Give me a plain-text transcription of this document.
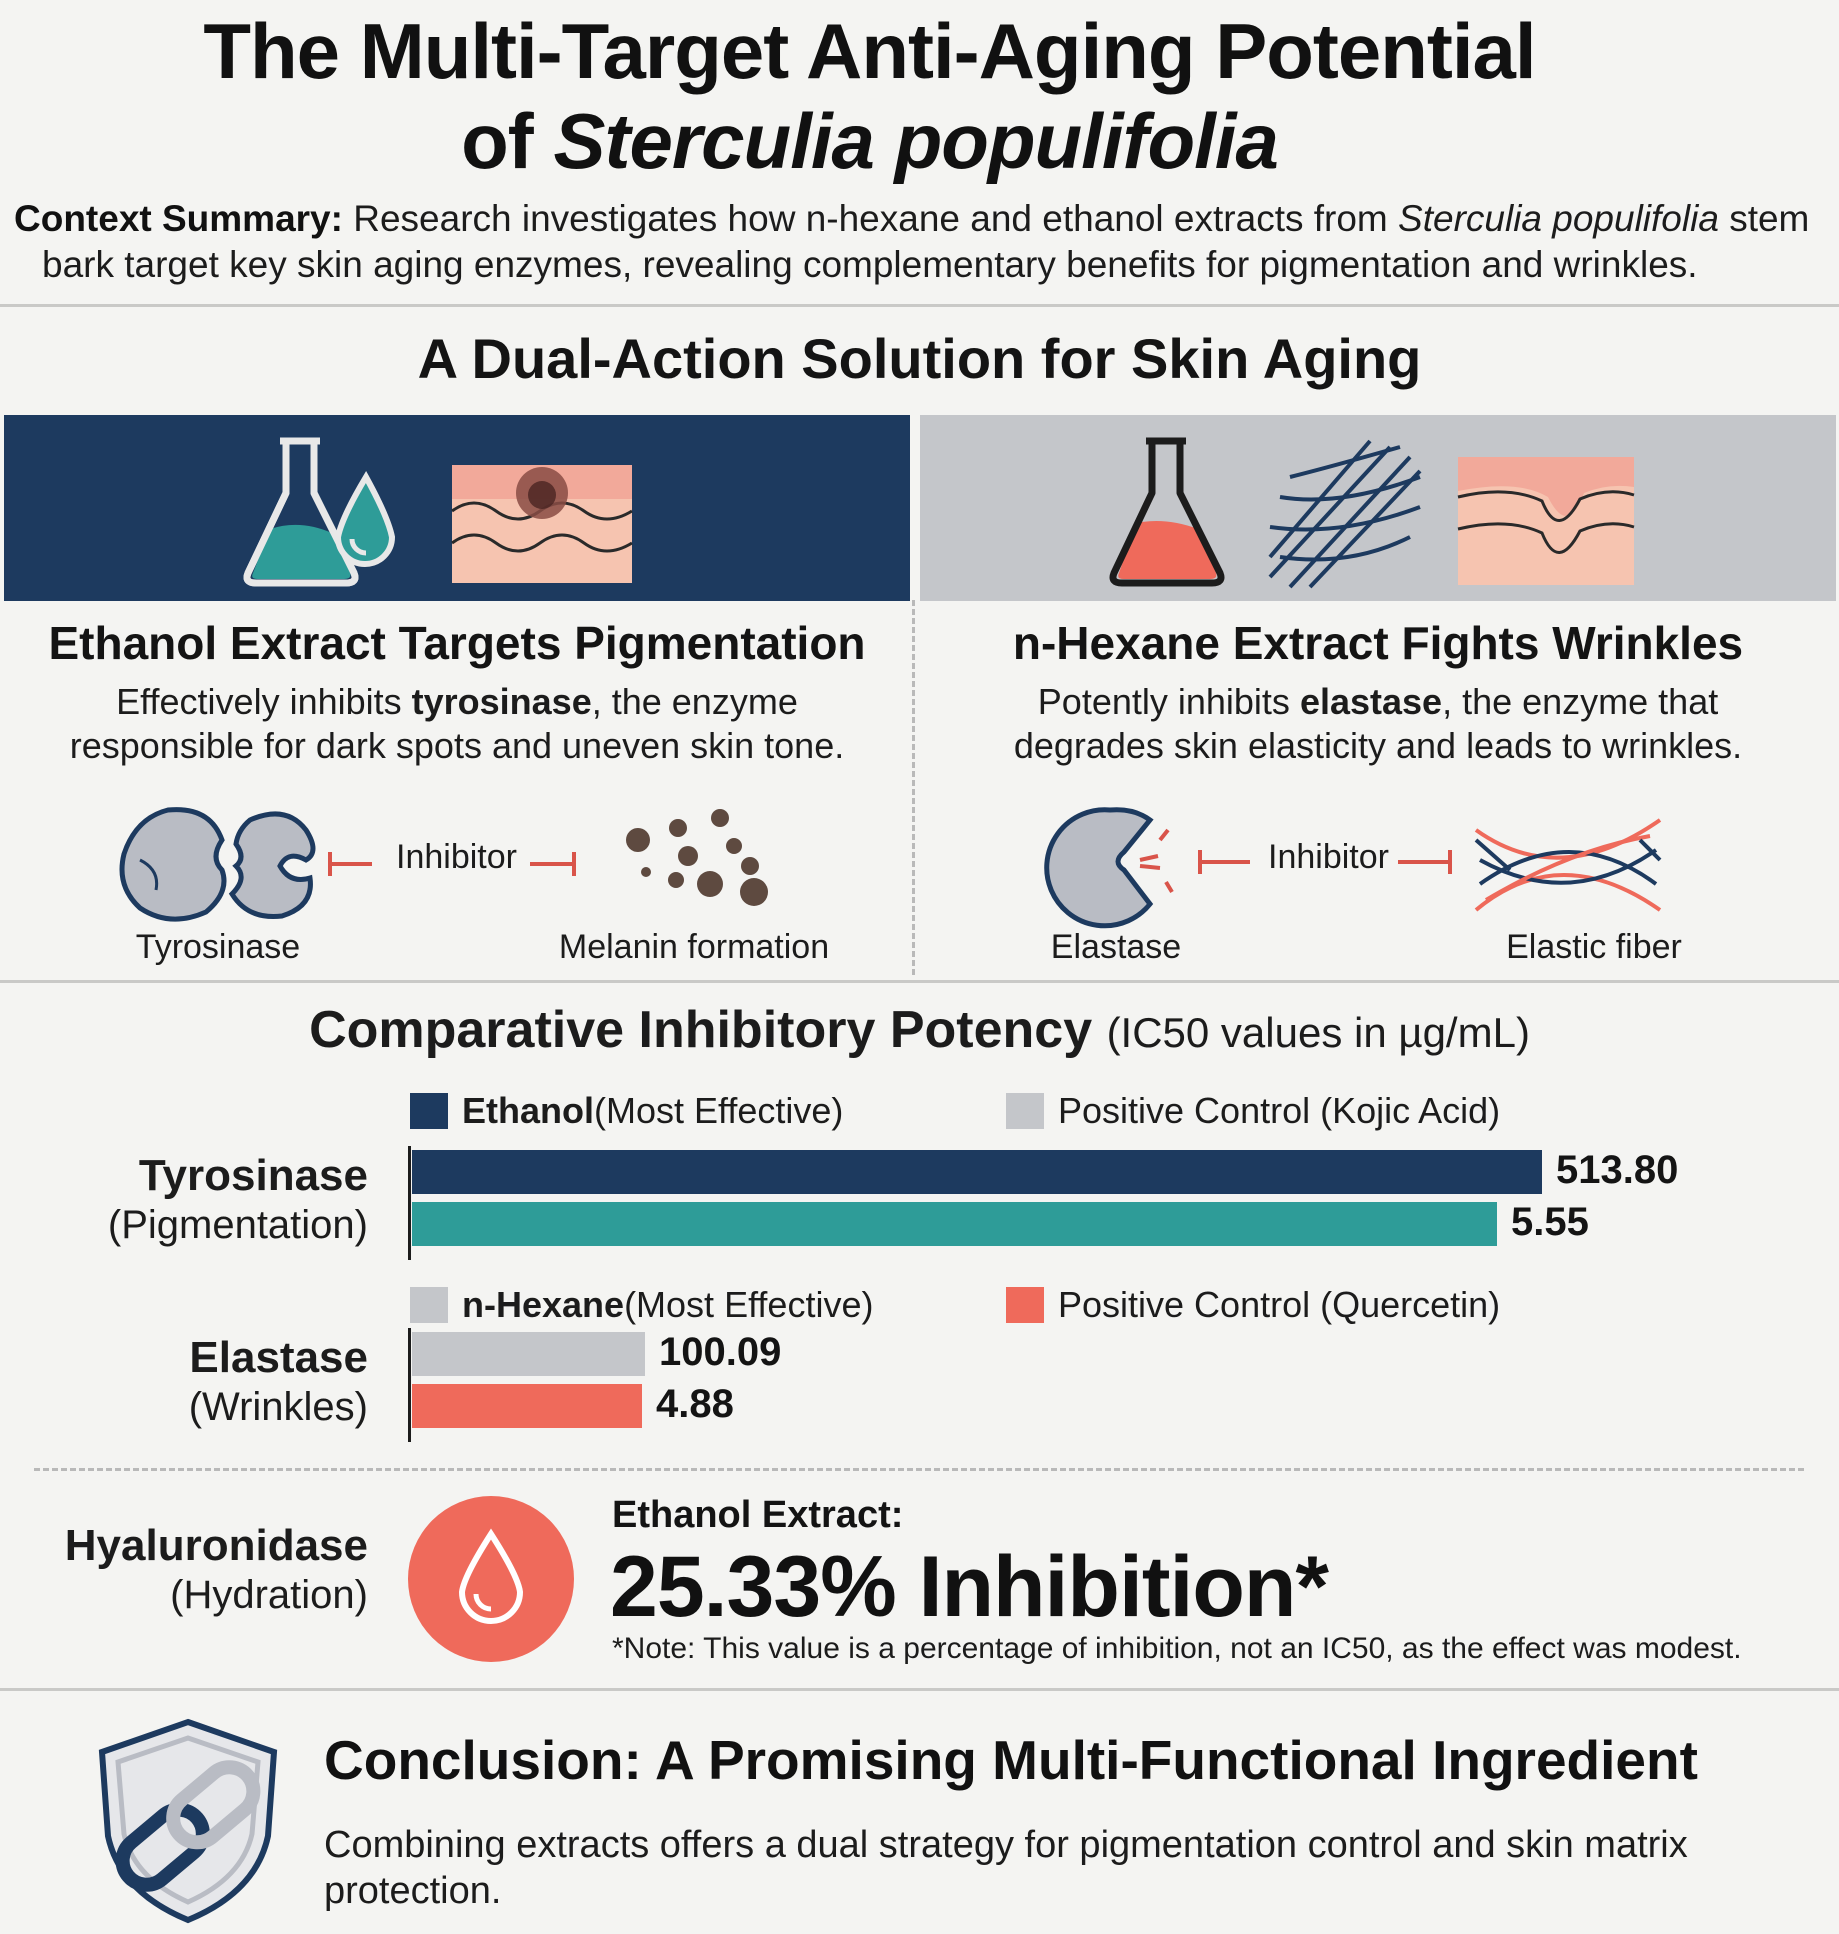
The Multi-Target Anti-Aging Potential
of Sterculia populifolia
Context Summary: Research investigates how n-hexane and ethanol extracts from Sterculia populifolia stem
bark target key skin aging enzymes, revealing complementary benefits for pigmentation and wrinkles.
A Dual-Action Solution for Skin Aging
Ethanol Extract Targets Pigmentation
Effectively inhibits tyrosinase, the enzyme
responsible for dark spots and uneven skin tone.
Inhibitor
Tyrosinase	Melanin formation
n-Hexane Extract Fights Wrinkles
Potently inhibits elastase, the enzyme that
degrades skin elasticity and leads to wrinkles.
Inhibitor
Elastase	Elastic fiber
Comparative Inhibitory Potency (IC50 values in µg/mL)
Ethanol (Most Effective)	Positive Control (Kojic Acid)
Tyrosinase
(Pigmentation)
513.80
5.55
n-Hexane (Most Effective)	Positive Control (Quercetin)
Elastase
(Wrinkles)
100.09
4.88
Hyaluronidase
(Hydration)
Ethanol Extract:
25.33% Inhibition*
*Note: This value is a percentage of inhibition, not an IC50, as the effect was modest.
Conclusion: A Promising Multi-Functional Ingredient
Combining extracts offers a dual strategy for pigmentation control and skin matrix protection.
